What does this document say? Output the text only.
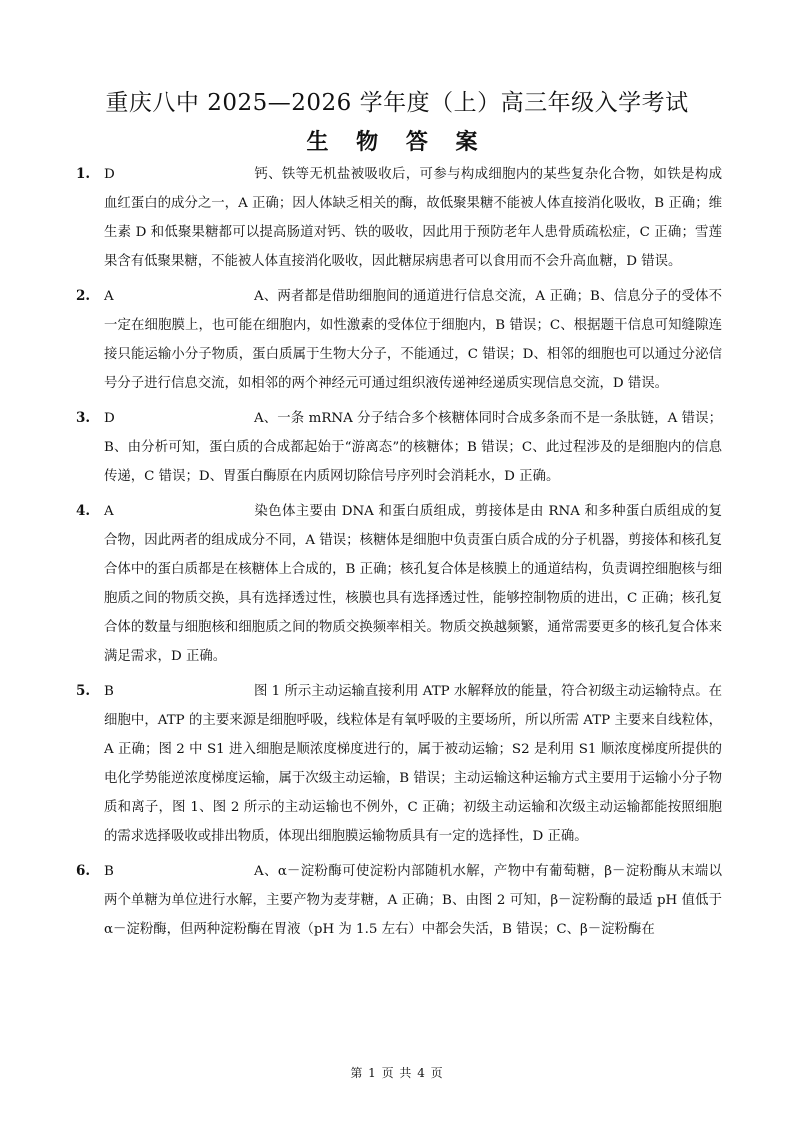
重庆八中 2025—2026 学年度（上）高三年级入学考试
生 物 答 案
1.	D	钙、铁等无机盐被吸收后，可参与构成细胞内的某些复杂化合物，如铁是构成血红蛋白的成分之一，A 正确；因人体缺乏相关的酶，故低聚果糖不能被人体直接消化吸收，B 正确；维生素 D 和低聚果糖都可以提高肠道对钙、铁的吸收，因此用于预防老年人患骨质疏松症，C 正确；雪莲果含有低聚果糖，不能被人体直接消化吸收，因此糖尿病患者可以食用而不会升高血糖，D 错误。
2.	A	A、两者都是借助细胞间的通道进行信息交流，A 正确；B、信息分子的受体不一定在细胞膜上，也可能在细胞内，如性激素的受体位于细胞内，B 错误；C、根据题干信息可知缝隙连接只能运输小分子物质，蛋白质属于生物大分子，不能通过，C 错误；D、相邻的细胞也可以通过分泌信号分子进行信息交流，如相邻的两个神经元可通过组织液传递神经递质实现信息交流，D 错误。
3.	D	A、一条 mRNA 分子结合多个核糖体同时合成多条而不是一条肽链，A 错误；B、由分析可知，蛋白质的合成都起始于“游离态”的核糖体；B 错误；C、此过程涉及的是细胞内的信息传递，C 错误；D、胃蛋白酶原在内质网切除信号序列时会消耗水，D 正确。
4.	A	染色体主要由 DNA 和蛋白质组成，剪接体是由 RNA 和多种蛋白质组成的复合物，因此两者的组成成分不同，A 错误；核糖体是细胞中负责蛋白质合成的分子机器，剪接体和核孔复合体中的蛋白质都是在核糖体上合成的，B 正确；核孔复合体是核膜上的通道结构，负责调控细胞核与细胞质之间的物质交换，具有选择透过性，核膜也具有选择透过性，能够控制物质的进出，C 正确；核孔复合体的数量与细胞核和细胞质之间的物质交换频率相关。物质交换越频繁，通常需要更多的核孔复合体来满足需求，D 正确。
5.	B	图 1 所示主动运输直接利用 ATP 水解释放的能量，符合初级主动运输特点。在细胞中，ATP 的主要来源是细胞呼吸，线粒体是有氧呼吸的主要场所，所以所需 ATP 主要来自线粒体，A 正确；图 2 中 S1 进入细胞是顺浓度梯度进行的，属于被动运输；S2 是利用 S1 顺浓度梯度所提供的电化学势能逆浓度梯度运输，属于次级主动运输，B 错误；主动运输这种运输方式主要用于运输小分子物质和离子，图 1、图 2 所示的主动运输也不例外，C 正确；初级主动运输和次级主动运输都能按照细胞的需求选择吸收或排出物质，体现出细胞膜运输物质具有一定的选择性，D 正确。
6.	B	A、α－淀粉酶可使淀粉内部随机水解，产物中有葡萄糖，β－淀粉酶从末端以两个单糖为单位进行水解，主要产物为麦芽糖，A 正确；B、由图 2 可知，β－淀粉酶的最适 pH 值低于α－淀粉酶，但两种淀粉酶在胃液（pH 为 1.5 左右）中都会失活，B 错误；C、β－淀粉酶在
第 1 页 共 4 页
